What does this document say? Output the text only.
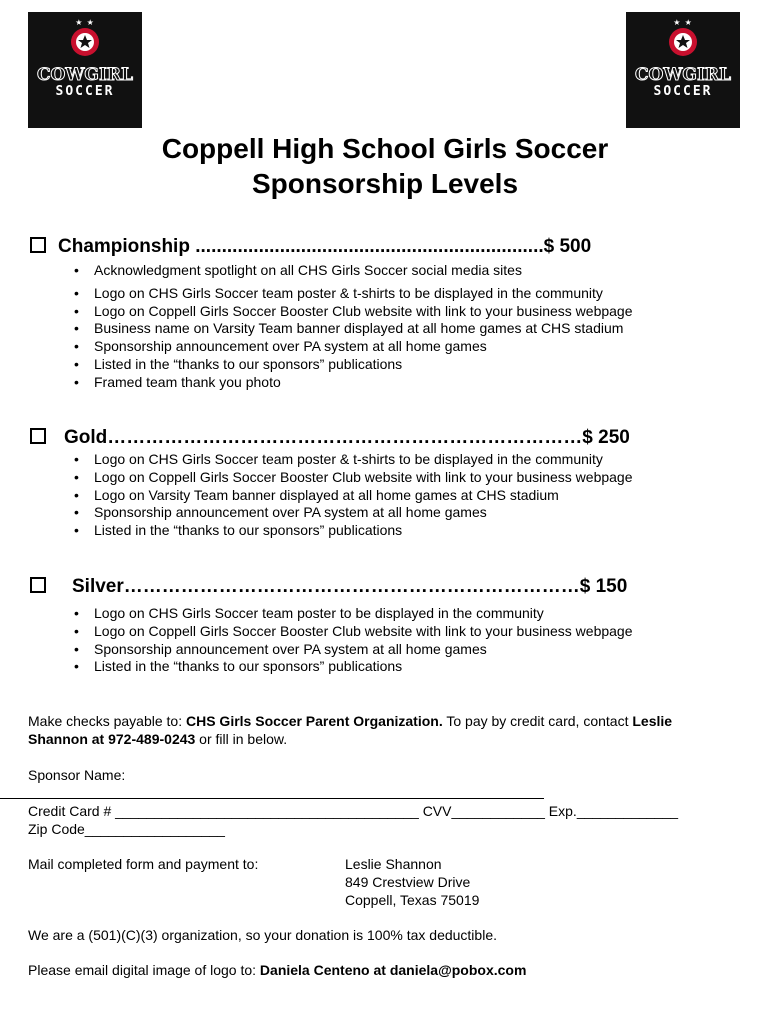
★ ★
COWGIRL
SOCCER
★ ★
COWGIRL
SOCCER
Coppell High School Girls Soccer
Sponsorship Levels
Championship ..................................................................$ 500
• Acknowledgment spotlight on all CHS Girls Soccer social media sites
• Logo on CHS Girls Soccer team poster & t-shirts to be displayed in the community
• Logo on Coppell Girls Soccer Booster Club website with link to your business webpage
• Business name on Varsity Team banner displayed at all home games at CHS stadium
• Sponsorship announcement over PA system at all home games
• Listed in the “thanks to our sponsors” publications
• Framed team thank you photo
Gold…………………………………………………………………$ 250
• Logo on CHS Girls Soccer team poster & t-shirts to be displayed in the community
• Logo on Coppell Girls Soccer Booster Club website with link to your business webpage
• Logo on Varsity Team banner displayed at all home games at CHS stadium
• Sponsorship announcement over PA system at all home games
• Listed in the “thanks to our sponsors” publications
Silver………………………………………………………………$ 150
• Logo on CHS Girls Soccer team poster to be displayed in the community
• Logo on Coppell Girls Soccer Booster Club website with link to your business webpage
• Sponsorship announcement over PA system at all home games
• Listed in the “thanks to our sponsors” publications
Make checks payable to: CHS Girls Soccer Parent Organization. To pay by credit card, contact Leslie
Shannon at 972-489-0243 or fill in below.
Sponsor Name:
Credit Card # _______________________________________ CVV____________ Exp._____________
Zip Code__________________
Mail completed form and payment to:	Leslie Shannon
849 Crestview Drive
Coppell, Texas 75019
We are a (501)(C)(3) organization, so your donation is 100% tax deductible.
Please email digital image of logo to: Daniela Centeno at daniela@pobox.com
